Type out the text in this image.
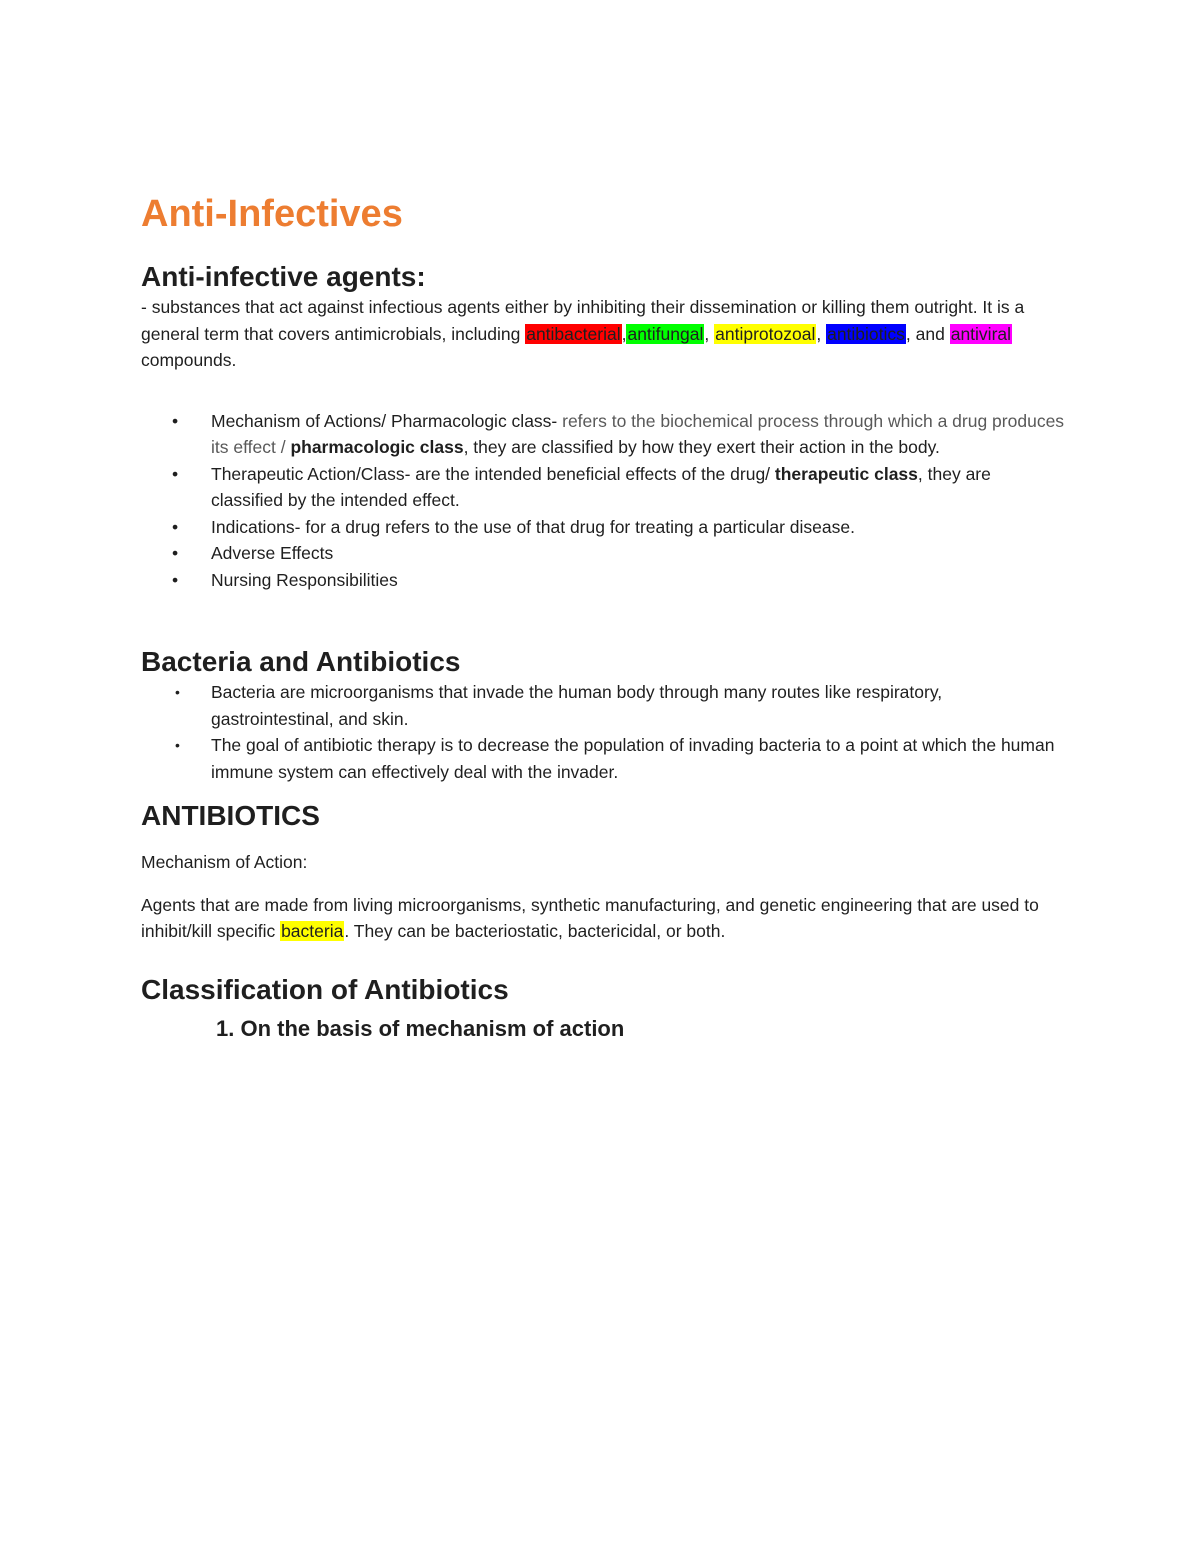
Anti-Infectives
Anti-infective agents:

- substances that act against infectious agents either by inhibiting their dissemination or killing them outright. It is a general term that covers antimicrobials, including antibacterial,antifungal, antiprotozoal, antibiotics, and antiviral compounds.

• Mechanism of Actions/ Pharmacologic class- refers to the biochemical process through which a drug produces its effect / pharmacologic class, they are classified by how they exert their action in the body.
• Therapeutic Action/Class- are the intended beneficial effects of the drug/ therapeutic class, they are classified by the intended effect.
• Indications- for a drug refers to the use of that drug for treating a particular disease.
• Adverse Effects
• Nursing Responsibilities
Bacteria and Antibiotics
• Bacteria are microorganisms that invade the human body through many routes like respiratory, gastrointestinal, and skin.
• The goal of antibiotic therapy is to decrease the population of invading bacteria to a point at which the human immune system can effectively deal with the invader.
ANTIBIOTICS

Mechanism of Action:

Agents that are made from living microorganisms, synthetic manufacturing, and genetic engineering that are used to inhibit/kill specific bacteria. They can be bacteriostatic, bactericidal, or both.

Classification of Antibiotics
1. On the basis of mechanism of action
